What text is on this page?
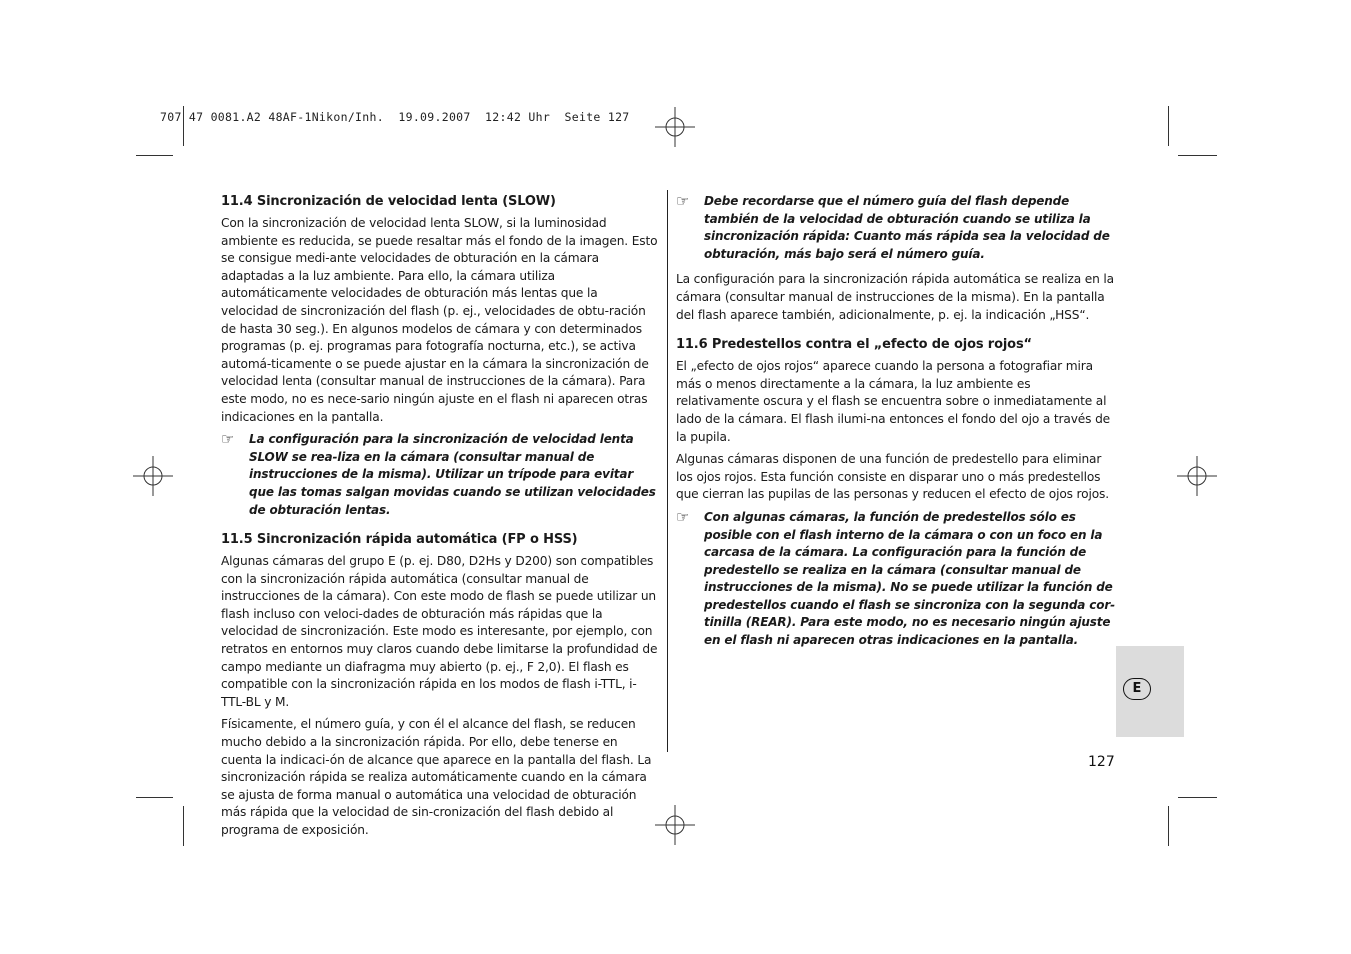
707 47 0081.A2 48AF-1Nikon/Inh.  19.09.2007  12:42 Uhr  Seite 127
11.4 Sincronización de velocidad lenta (SLOW)

Con la sincronización de velocidad lenta SLOW, si la luminosidad ambiente es reducida, se puede resaltar más el fondo de la imagen. Esto se consigue medi-ante velocidades de obturación en la cámara adaptadas a la luz ambiente. Para ello, la cámara utiliza automáticamente velocidades de obturación más lentas que la velocidad de sincronización del flash (p. ej., velocidades de obtu-ración de hasta 30 seg.). En algunos modelos de cámara y con determinados programas (p. ej. programas para fotografía nocturna, etc.), se activa automá-ticamente o se puede ajustar en la cámara la sincronización de velocidad lenta (consultar manual de instrucciones de la cámara). Para este modo, no es nece-sario ningún ajuste en el flash ni aparecen otras indicaciones en la pantalla.

☞ La configuración para la sincronización de velocidad lenta SLOW se rea-liza en la cámara (consultar manual de instrucciones de la misma). Utilizar un trípode para evitar que las tomas salgan movidas cuando se utilizan velocidades de obturación lentas.
11.5 Sincronización rápida automática (FP o HSS)

Algunas cámaras del grupo E (p. ej. D80, D2Hs y D200) son compatibles con la sincronización rápida automática (consultar manual de instrucciones de la cámara). Con este modo de flash se puede utilizar un flash incluso con veloci-dades de obturación más rápidas que la velocidad de sincronización. Este modo es interesante, por ejemplo, con retratos en entornos muy claros cuando debe limitarse la profundidad de campo mediante un diafragma muy abierto (p. ej., F 2,0). El flash es compatible con la sincronización rápida en los modos de flash i-TTL, i-TTL-BL y M.

Físicamente, el número guía, y con él el alcance del flash, se reducen mucho debido a la sincronización rápida. Por ello, debe tenerse en cuenta la indicaci-ón de alcance que aparece en la pantalla del flash. La sincronización rápida se realiza automáticamente cuando en la cámara se ajusta de forma manual o automática una velocidad de obturación más rápida que la velocidad de sin-cronización del flash debido al programa de exposición.

☞ Debe recordarse que el número guía del flash depende también de la velocidad de obturación cuando se utiliza la sincronización rápida: Cuanto más rápida sea la velocidad de obturación, más bajo será el número guía.

La configuración para la sincronización rápida automática se realiza en la cámara (consultar manual de instrucciones de la misma). En la pantalla del flash aparece también, adicionalmente, p. ej. la indicación „HSS“.

11.6 Predestellos contra el „efecto de ojos rojos“

El „efecto de ojos rojos“ aparece cuando la persona a fotografiar mira más o menos directamente a la cámara, la luz ambiente es relativamente oscura y el flash se encuentra sobre o inmediatamente al lado de la cámara. El flash ilumi-na entonces el fondo del ojo a través de la pupila.

Algunas cámaras disponen de una función de predestello para eliminar los ojos rojos. Esta función consiste en disparar uno o más predestellos que cierran las pupilas de las personas y reducen el efecto de ojos rojos.

☞ Con algunas cámaras, la función de predestellos sólo es posible con el flash interno de la cámara o con un foco en la carcasa de la cámara. La configuración para la función de predestello se realiza en la cámara (consultar manual de instrucciones de la misma). No se puede utilizar la función de predestellos cuando el flash se sincroniza con la segunda cor-tinilla (REAR). Para este modo, no es necesario ningún ajuste en el flash ni aparecen otras indicaciones en la pantalla.
E
127
